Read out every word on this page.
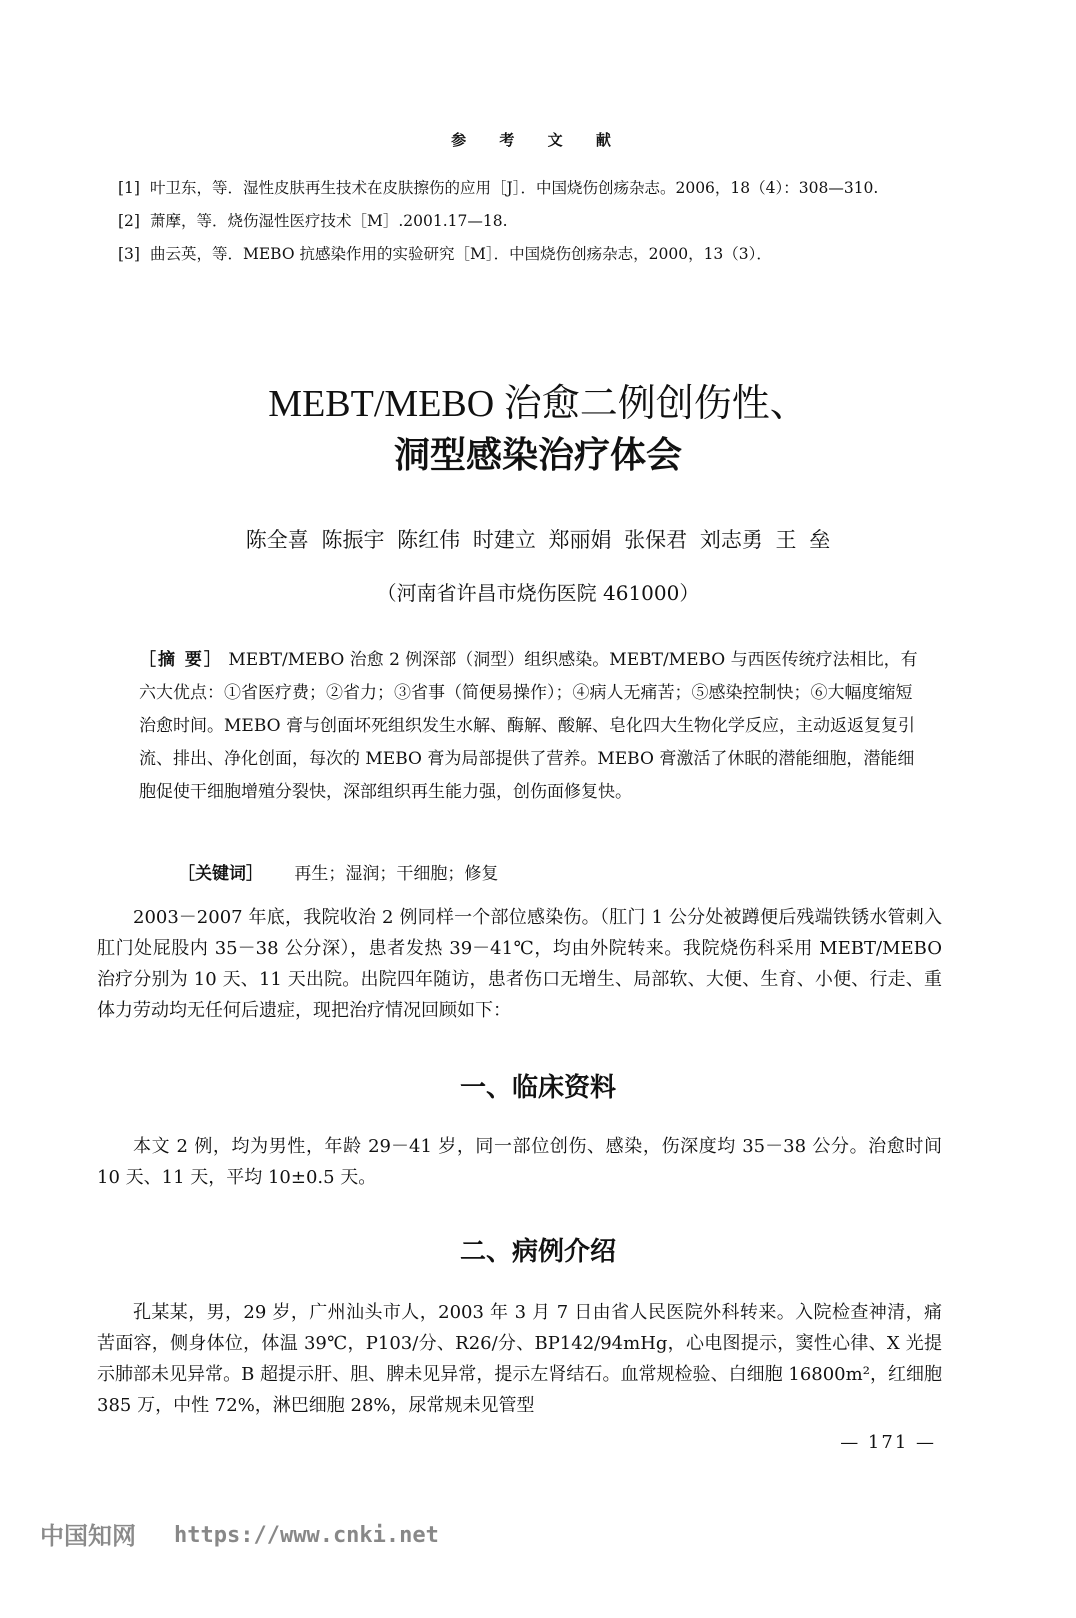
参 考 文 献
[1] 叶卫东，等．湿性皮肤再生技术在皮肤擦伤的应用［J］．中国烧伤创疡杂志。2006，18（4）：308—310.
[2] 萧摩，等．烧伤湿性医疗技术［M］.2001.17—18.
[3] 曲云英，等．MEBO 抗感染作用的实验研究［M］．中国烧伤创疡杂志，2000，13（3）．
MEBT/MEBO 治愈二例创伤性、
洞型感染治疗体会
陈全喜 陈振宇 陈红伟 时建立 郑丽娟 张保君 刘志勇 王 垒
（河南省许昌市烧伤医院 461000）
［摘 要］ MEBT/MEBO 治愈 2 例深部（洞型）组织感染。MEBT/MEBO 与西医传统疗法相比，有六大优点：①省医疗费；②省力；③省事（简便易操作）；④病人无痛苦；⑤感染控制快；⑥大幅度缩短治愈时间。MEBO 膏与创面坏死组织发生水解、酶解、酸解、皂化四大生物化学反应，主动返返复复引流、排出、净化创面，每次的 MEBO 膏为局部提供了营养。MEBO 膏激活了休眠的潜能细胞，潜能细胞促使干细胞增殖分裂快，深部组织再生能力强，创伤面修复快。
［关键词］ 再生；湿润；干细胞；修复
2003－2007 年底，我院收治 2 例同样一个部位感染伤。（肛门 1 公分处被蹲便后残端铁锈水管刺入肛门处屁股内 35－38 公分深），患者发热 39－41℃，均由外院转来。我院烧伤科采用 MEBT/MEBO 治疗分别为 10 天、11 天出院。出院四年随访，患者伤口无增生、局部软、大便、生育、小便、行走、重体力劳动均无任何后遗症，现把治疗情况回顾如下：
一、临床资料
本文 2 例，均为男性，年龄 29－41 岁，同一部位创伤、感染，伤深度均 35－38 公分。治愈时间 10 天、11 天，平均 10±0.5 天。
二、病例介绍
孔某某，男，29 岁，广州汕头市人，2003 年 3 月 7 日由省人民医院外科转来。入院检查神清，痛苦面容，侧身体位，体温 39℃，P103/分、R26/分、BP142/94mHg，心电图提示，窦性心律、X 光提示肺部未见异常。B 超提示肝、胆、脾未见异常，提示左肾结石。血常规检验、白细胞 16800m²，红细胞 385 万，中性 72%，淋巴细胞 28%，尿常规未见管型
— 171 —
中国知网 https://www.cnki.net
